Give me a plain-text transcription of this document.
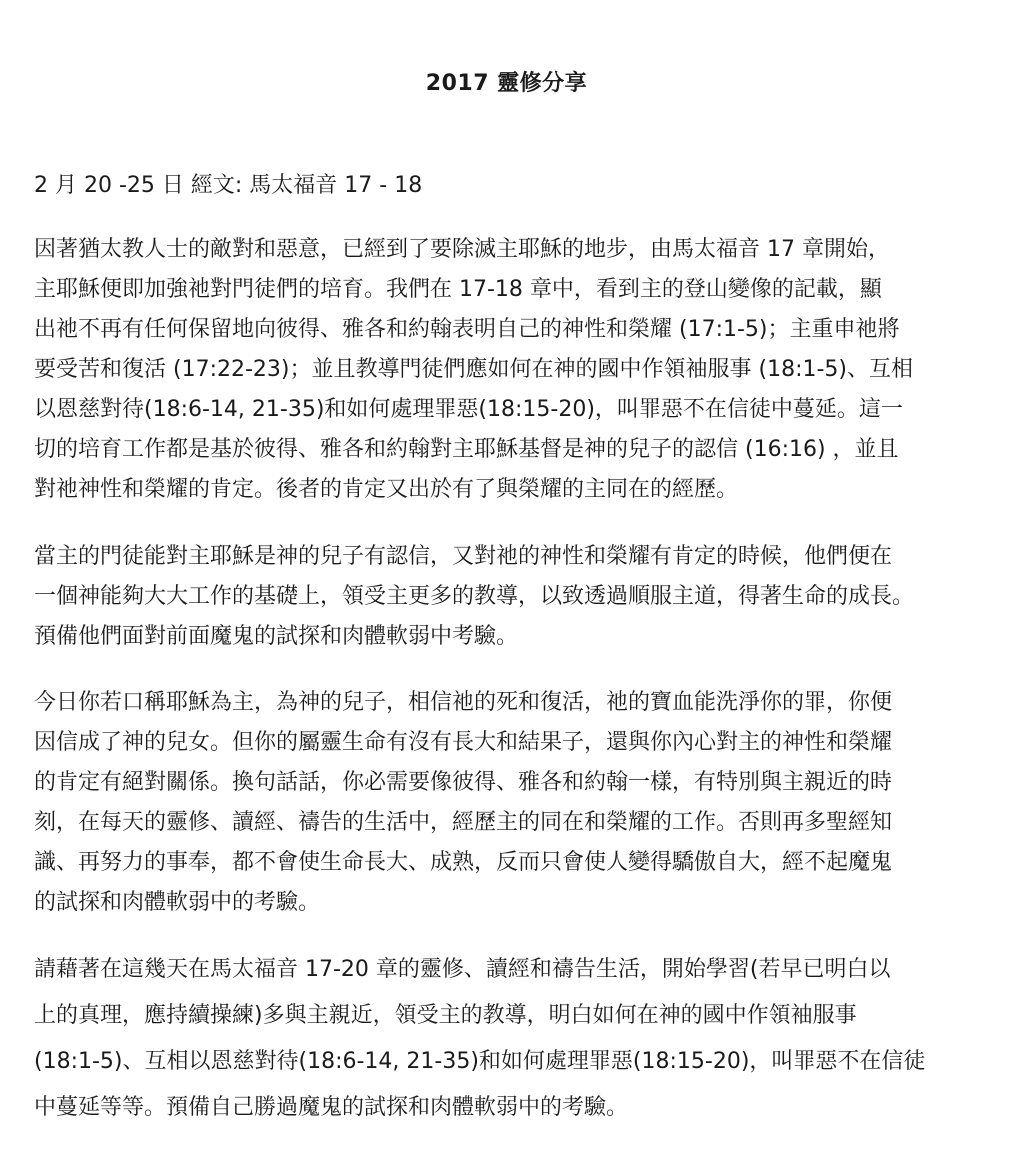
2017 靈修分享
2 月 20 -25 日 經文: 馬太福音 17 - 18
因著猶太教人士的敵對和惡意，已經到了要除滅主耶穌的地步，由馬太福音 17 章開始，
主耶穌便即加強祂對門徒們的培育。我們在 17-18 章中，看到主的登山變像的記載，顯
出祂不再有任何保留地向彼得、雅各和約翰表明自己的神性和榮耀 (17:1-5)；主重申祂將
要受苦和復活 (17:22-23)；並且教導門徒們應如何在神的國中作領袖服事 (18:1-5)、互相
以恩慈對待(18:6-14, 21-35)和如何處理罪惡(18:15-20)，叫罪惡不在信徒中蔓延。這一
切的培育工作都是基於彼得、雅各和約翰對主耶穌基督是神的兒子的認信 (16:16) ，並且
對祂神性和榮耀的肯定。後者的肯定又出於有了與榮耀的主同在的經歷。
當主的門徒能對主耶穌是神的兒子有認信，又對祂的神性和榮耀有肯定的時候，他們便在
一個神能夠大大工作的基礎上，領受主更多的教導，以致透過順服主道，得著生命的成長。
預備他們面對前面魔鬼的試探和肉體軟弱中考驗。
今日你若口稱耶穌為主，為神的兒子，相信祂的死和復活，祂的寶血能洗淨你的罪，你便
因信成了神的兒女。但你的屬靈生命有沒有長大和結果子，還與你內心對主的神性和榮耀
的肯定有絕對關係。換句話話，你必需要像彼得、雅各和約翰一樣，有特別與主親近的時
刻，在每天的靈修、讀經、禱告的生活中，經歷主的同在和榮耀的工作。否則再多聖經知
識、再努力的事奉，都不會使生命長大、成熟，反而只會使人變得驕傲自大，經不起魔鬼
的試探和肉體軟弱中的考驗。
請藉著在這幾天在馬太福音 17-20 章的靈修、讀經和禱告生活，開始學習(若早已明白以
上的真理，應持續操練)多與主親近，領受主的教導，明白如何在神的國中作領袖服事
(18:1-5)、互相以恩慈對待(18:6-14, 21-35)和如何處理罪惡(18:15-20)，叫罪惡不在信徒
中蔓延等等。預備自己勝過魔鬼的試探和肉體軟弱中的考驗。
